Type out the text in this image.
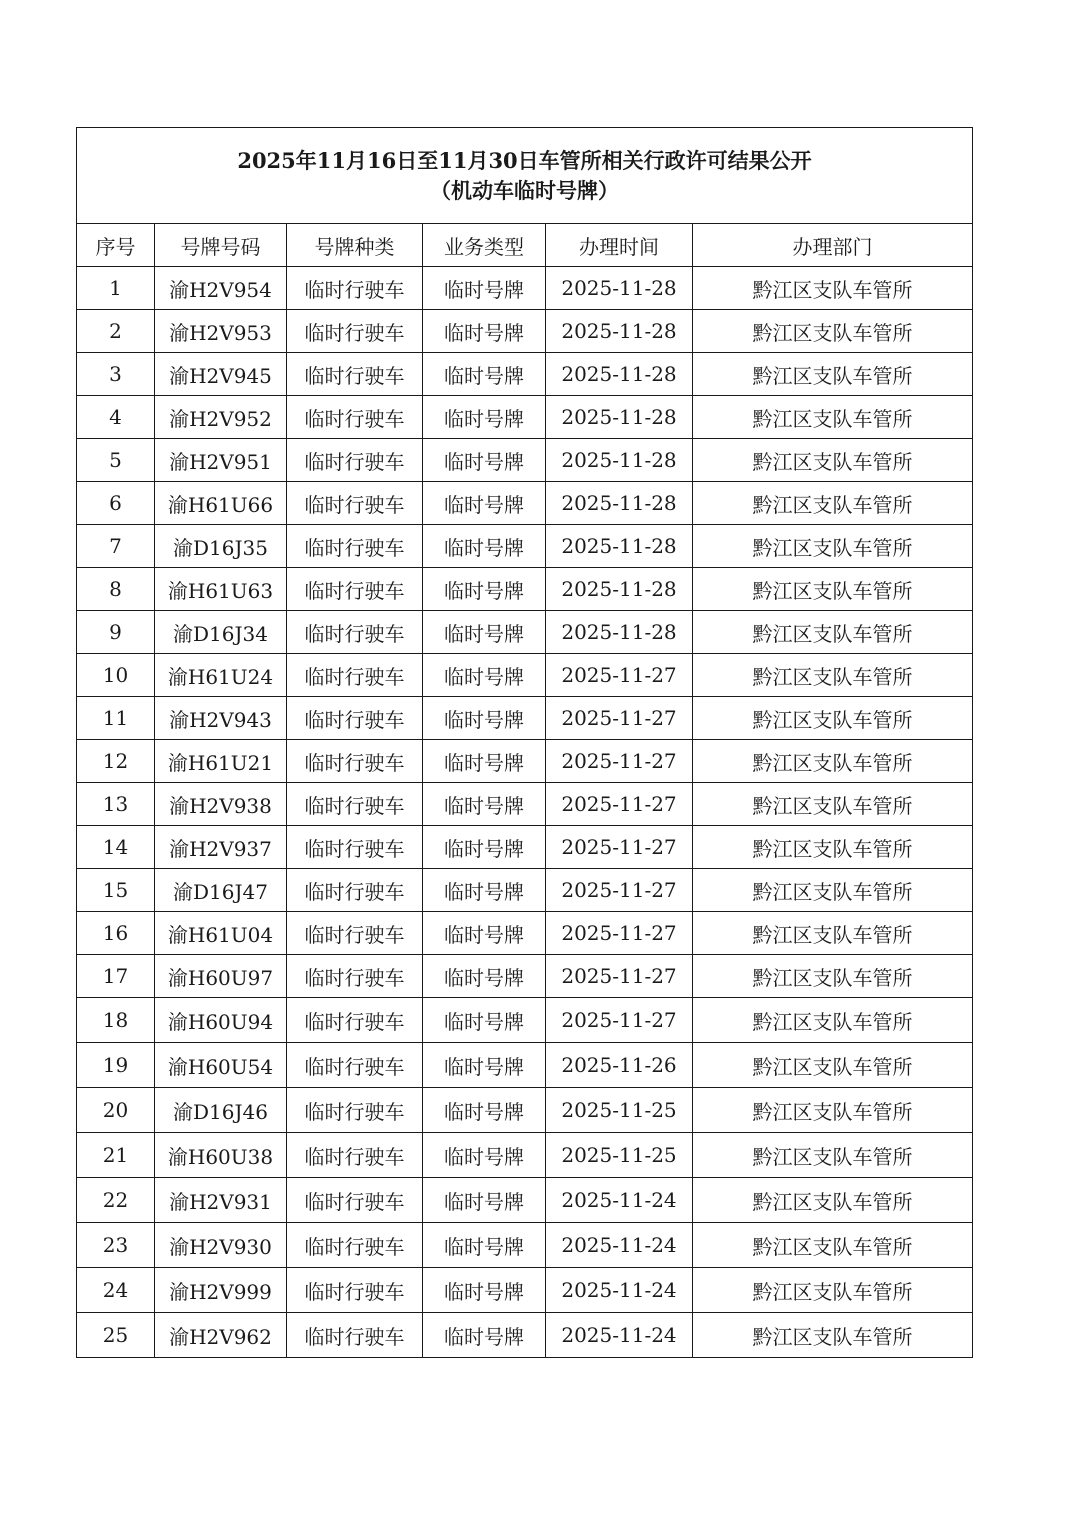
2025年11月16日至11月30日车管所相关行政许可结果公开
（机动车临时号牌）					

序号	号牌号码	号牌种类	业务类型	办理时间	办理部门
1	渝H2V954	临时行驶车	临时号牌	2025-11-28	黔江区支队车管所
2	渝H2V953	临时行驶车	临时号牌	2025-11-28	黔江区支队车管所
3	渝H2V945	临时行驶车	临时号牌	2025-11-28	黔江区支队车管所
4	渝H2V952	临时行驶车	临时号牌	2025-11-28	黔江区支队车管所
5	渝H2V951	临时行驶车	临时号牌	2025-11-28	黔江区支队车管所
6	渝H61U66	临时行驶车	临时号牌	2025-11-28	黔江区支队车管所
7	渝D16J35	临时行驶车	临时号牌	2025-11-28	黔江区支队车管所
8	渝H61U63	临时行驶车	临时号牌	2025-11-28	黔江区支队车管所
9	渝D16J34	临时行驶车	临时号牌	2025-11-28	黔江区支队车管所
10	渝H61U24	临时行驶车	临时号牌	2025-11-27	黔江区支队车管所
11	渝H2V943	临时行驶车	临时号牌	2025-11-27	黔江区支队车管所
12	渝H61U21	临时行驶车	临时号牌	2025-11-27	黔江区支队车管所
13	渝H2V938	临时行驶车	临时号牌	2025-11-27	黔江区支队车管所
14	渝H2V937	临时行驶车	临时号牌	2025-11-27	黔江区支队车管所
15	渝D16J47	临时行驶车	临时号牌	2025-11-27	黔江区支队车管所
16	渝H61U04	临时行驶车	临时号牌	2025-11-27	黔江区支队车管所
17	渝H60U97	临时行驶车	临时号牌	2025-11-27	黔江区支队车管所
18	渝H60U94	临时行驶车	临时号牌	2025-11-27	黔江区支队车管所
19	渝H60U54	临时行驶车	临时号牌	2025-11-26	黔江区支队车管所
20	渝D16J46	临时行驶车	临时号牌	2025-11-25	黔江区支队车管所
21	渝H60U38	临时行驶车	临时号牌	2025-11-25	黔江区支队车管所
22	渝H2V931	临时行驶车	临时号牌	2025-11-24	黔江区支队车管所
23	渝H2V930	临时行驶车	临时号牌	2025-11-24	黔江区支队车管所
24	渝H2V999	临时行驶车	临时号牌	2025-11-24	黔江区支队车管所
25	渝H2V962	临时行驶车	临时号牌	2025-11-24	黔江区支队车管所
